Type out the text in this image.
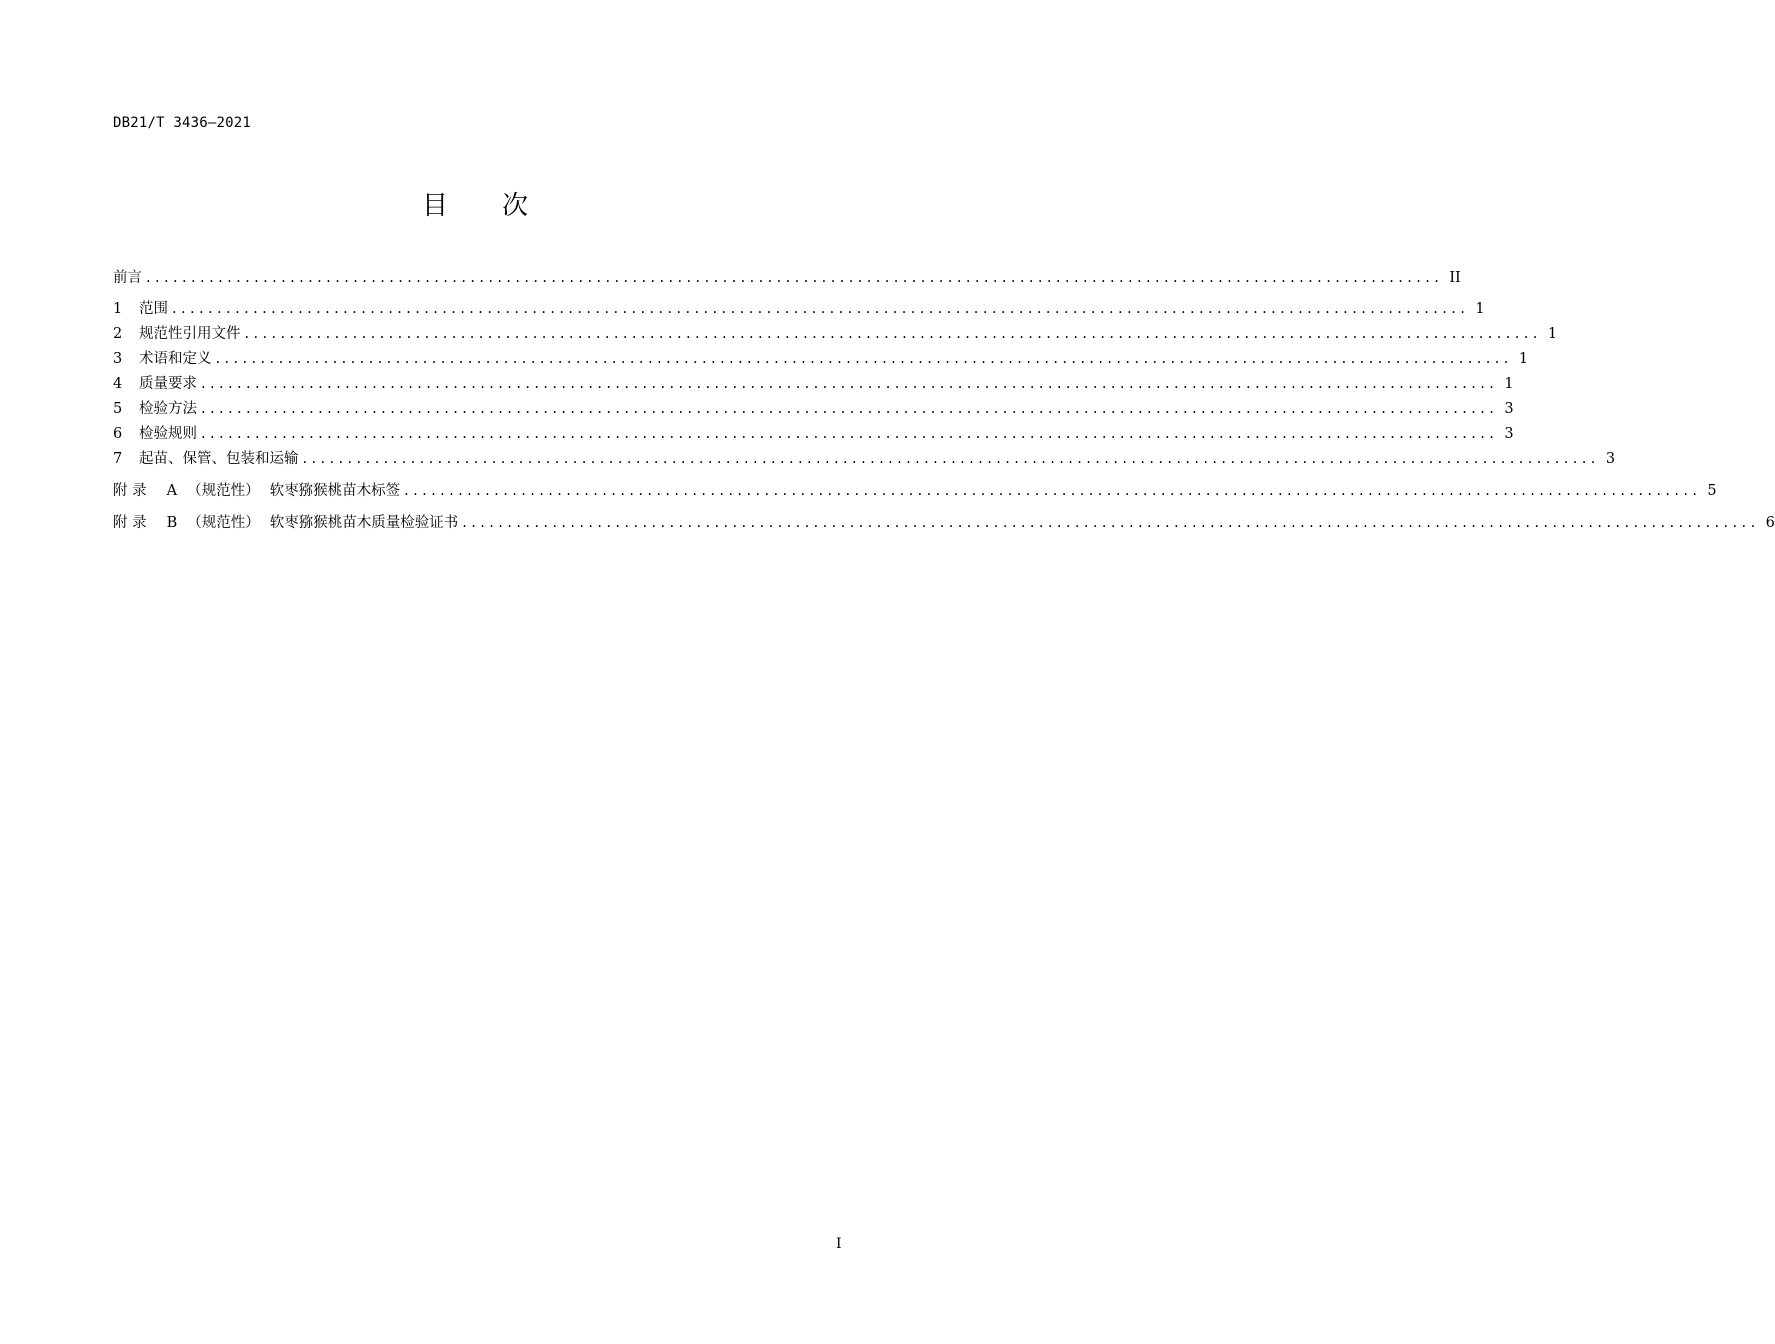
DB21/T 3436—2021
目次
前言 ................................................................................................................................................ II
1	范围 ................................................................................................................................................ 1
2	规范性引用文件 ................................................................................................................................................ 1
3	术语和定义 ................................................................................................................................................ 1
4	质量要求 ................................................................................................................................................ 1
5	检验方法 ................................................................................................................................................ 3
6	检验规则 ................................................................................................................................................ 3
7	起苗、保管、包装和运输 ................................................................................................................................................ 3
附 录 A （规范性） 软枣猕猴桃苗木标签 ................................................................................................................................................ 5
附 录 B （规范性） 软枣猕猴桃苗木质量检验证书 ................................................................................................................................................ 6
I
